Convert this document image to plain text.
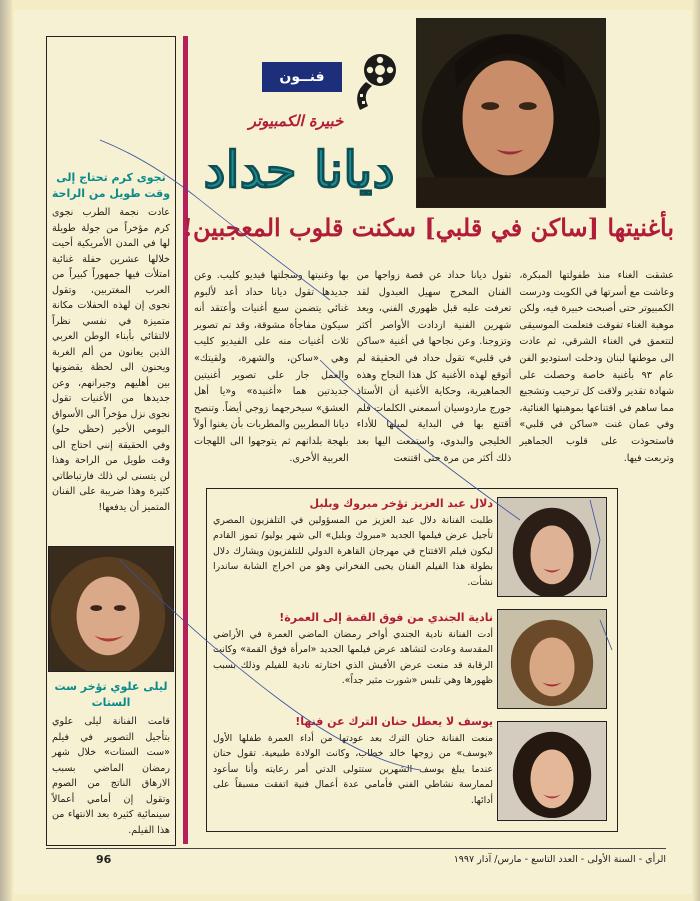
نجوى كرم تحتاج إلى وقت طويل من الراحة
عادت نجمة الطرب نجوى كرم مؤخراً من جولة طويلة لها في المدن الأمريكية أحيت خلالها عشرين حفلة غنائية امتلأت فيها جمهوراً كبيراً من العرب المغتربين، وتقول نجوى إن لهذه الحفلات مكانة متميزة في نفسي نظراً لالتقائي بأبناء الوطن العربي الذين يعانون من ألم الغربة ويحنون الى لحظة يقضونها بين أهليهم وجيرانهم، وعن جديدها من الأغنيات تقول نجوى نزل مؤخراً الى الأسواق البومي الأخير (حظي حلو) وفي الحقيقة إنني احتاج الى وقت طويل من الراحة وهذا لن يتسنى لي ذلك فارتباطاتي كثيرة وهذا ضريبة على الفنان المتميز أن يدفعها!
ليلى علوي تؤخر ست الستات
قامت الفنانة ليلى علوي بتأجيل التصوير في فيلم «ست الستات» خلال شهر رمضان الماضي بسبب الارهاق الناتج من الصوم وتقول إن أمامي أعمالاً سينمائية كثيرة بعد الانتهاء من هذا الفيلم.
فنــون
خبيرة الكمبيوتر
ديانا حداد
بأغنيتها [ساكن في قلبي] سكنت قلوب المعجبين!
عشقت الغناء منذ طفولتها المبكرة، وعاشت مع أسرتها في الكويت ودرست الكمبيوتر حتى أصبحت خبيرة فيه، ولكن موهبة الغناء تفوقت فتعلمت الموسيقى لتتعمق في الغناء الشرقي، ثم عادت الى موطنها لبنان ودخلت استوديو الفن عام ٩٣ بأغنية خاصة وحصلت على شهادة تقدير ولاقت كل ترحيب وتشجيع مما ساهم في اقتناعها بموهبتها الغنائية، وفي عمان غنت «ساكن في قلبي» فاستحوذت على قلوب الجماهير وتربعت فيها.
تقول ديانا حداد عن قصة زواجها من الفنان المخرج سهيل العبدول لقد تعرفت عليه قبل ظهوري الفني، وبعد شهرين الفنية ازدادت الأواصر أكثر وتزوجنا. وعن نجاحها في أغنية «ساكن في قلبي» تقول حداد في الحقيقة لم أتوقع لهذه الأغنية كل هذا النجاح وهذه الجماهيرية، وحكاية الأغنية أن الأستاذ جورج ماردوسيان أسمعني الكلمات فلم أقتنع بها في البداية لميلها للأداء الخليجي والبدوي، واستمعت اليها بعد ذلك أكثر من مرة حتى اقتنعت
بها وغنيتها وسجلتها فيديو كليب. وعن جديدها تقول ديانا حداد أعد لألبوم غنائي يتضمن سبع أغنيات وأعتقد أنه سيكون مفاجأة مشوقة، وقد تم تصوير ثلاث أغنيات منه على الفيديو كليب وهي «ساكن، والشهرة، ولقيتك» والعمل جار على تصوير أغنيتين جديدتين هما «أغنيدة» و«يا أهل العشق» سيخرجهما زوجي أيضاً. وتنصح ديانا المطربين والمطربات بأن يغنوا أولاً بلهجة بلدانهم ثم يتوجهوا الى اللهجات العربية الأخرى.
دلال عبد العزيز تؤخر مبروك وبلبل
طلبت الفنانة دلال عبد العزيز من المسؤولين في التلفزيون المصري تأجيل عرض فيلمها الجديد «مبروك وبلبل» الى شهر يوليو/ تموز القادم ليكون فيلم الافتتاح في مهرجان القاهرة الدولي للتلفزيون ويشارك دلال بطولة هذا الفيلم الفنان يحيى الفخراني وهو من اخراج الشابة ساندرا نشأت.
نادية الجندي من فوق القمة إلى العمرة!
أدت الفنانة نادية الجندي أواخر رمضان الماضي العمرة في الأراضي المقدسة وعادت لتشاهد عرض فيلمها الجديد «امرأة فوق القمة» وكانت الرقابة قد منعت عرض الأفيش الذي اختارته نادية للفيلم وذلك بسبب ظهورها وهي تلبس «شورت مثير جداً».
يوسف لا يعطل حنان الترك عن فنها!
منعت الفنانة حنان الترك بعد عودتها من أداء العمرة طفلها الأول «يوسف» من زوجها خالد خطاب، وكانت الولادة طبيعية. تقول حنان عندما يبلغ يوسف الشهرين ستتولى الدتي أمر رعايته وأنا سأعود لممارسة نشاطي الفني فأمامي عدة أعمال فنية اتفقت مسبقاً على أدائها.
96	الرأي - السنة الأولى - العدد التاسع - مارس/ آذار ١٩٩٧
